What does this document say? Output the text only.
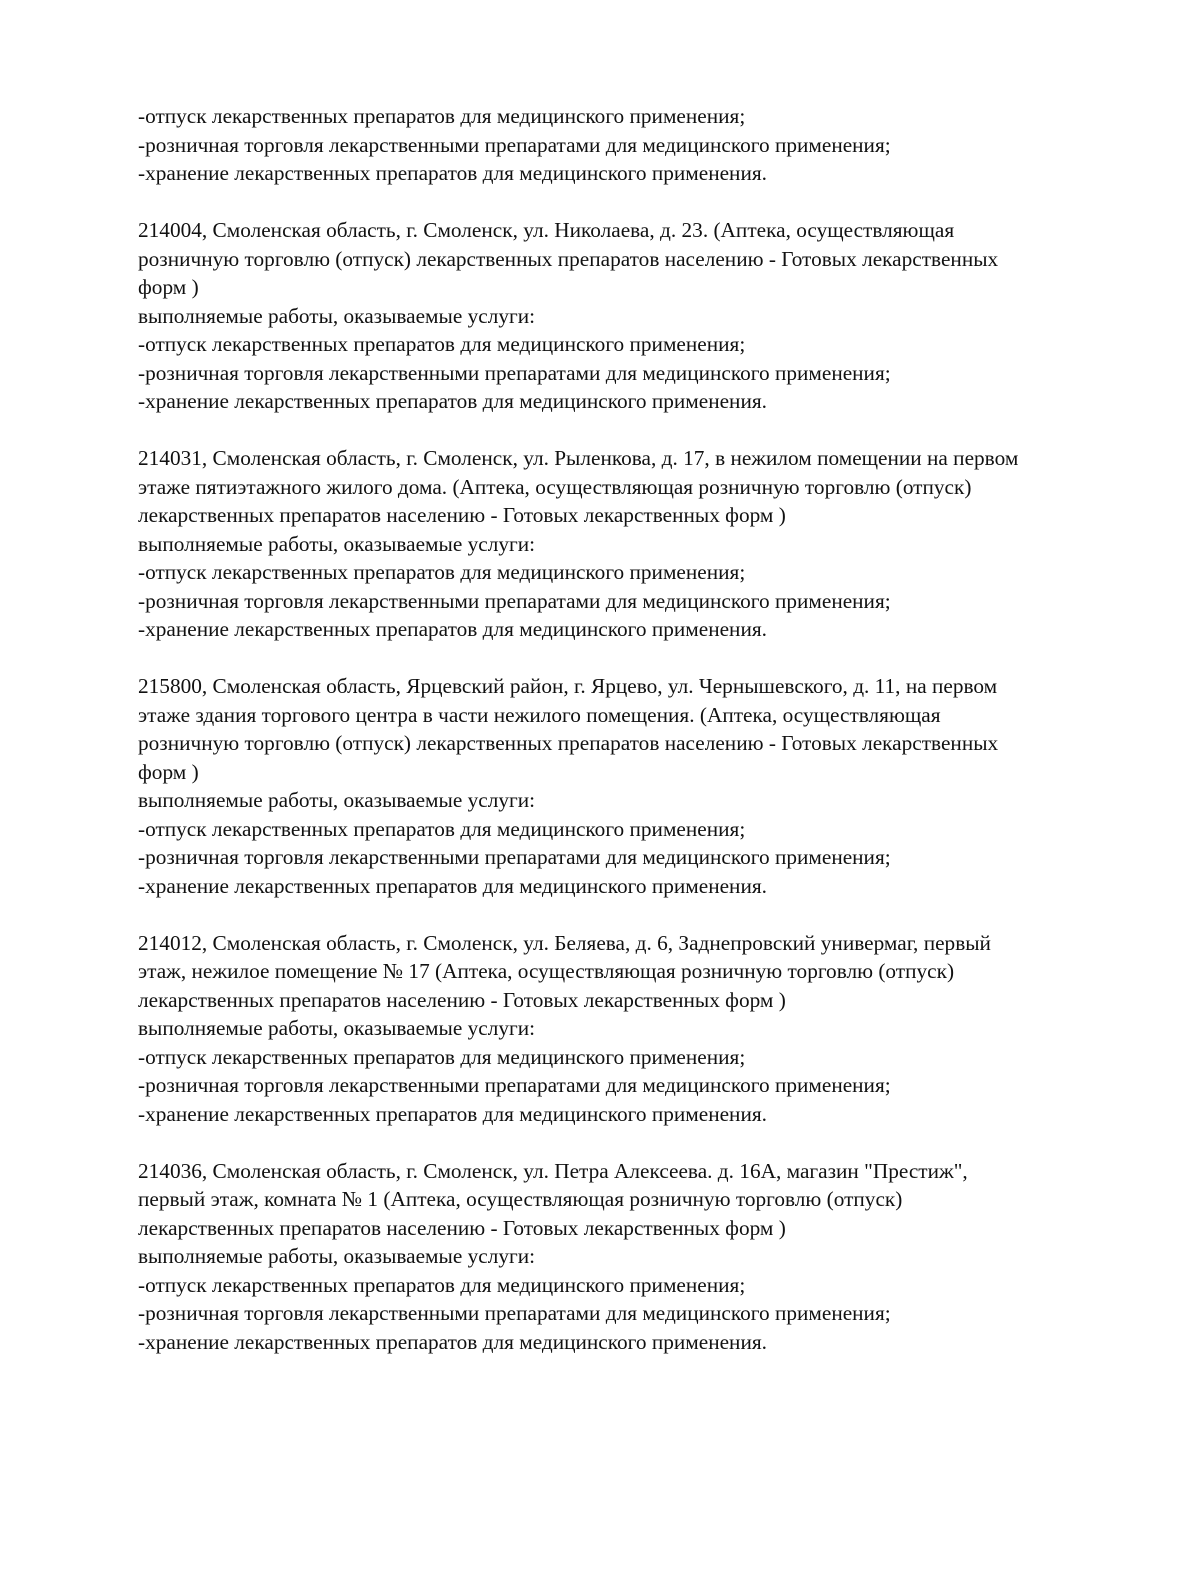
-отпуск лекарственных препаратов для медицинского применения;
-розничная торговля лекарственными препаратами для медицинского применения;
-хранение лекарственных препаратов для медицинского применения.
214004, Смоленская область, г. Смоленск, ул. Николаева, д. 23. (Аптека, осуществляющая
розничную торговлю (отпуск) лекарственных препаратов населению - Готовых лекарственных
форм )
выполняемые работы, оказываемые услуги:
-отпуск лекарственных препаратов для медицинского применения;
-розничная торговля лекарственными препаратами для медицинского применения;
-хранение лекарственных препаратов для медицинского применения.
214031, Смоленская область, г. Смоленск, ул. Рыленкова, д. 17, в нежилом помещении на первом
этаже пятиэтажного жилого дома. (Аптека, осуществляющая розничную торговлю (отпуск)
лекарственных препаратов населению - Готовых лекарственных форм )
выполняемые работы, оказываемые услуги:
-отпуск лекарственных препаратов для медицинского применения;
-розничная торговля лекарственными препаратами для медицинского применения;
-хранение лекарственных препаратов для медицинского применения.
215800, Смоленская область, Ярцевский район, г. Ярцево, ул. Чернышевского, д. 11, на первом
этаже здания торгового центра в части нежилого помещения. (Аптека, осуществляющая
розничную торговлю (отпуск) лекарственных препаратов населению - Готовых лекарственных
форм )
выполняемые работы, оказываемые услуги:
-отпуск лекарственных препаратов для медицинского применения;
-розничная торговля лекарственными препаратами для медицинского применения;
-хранение лекарственных препаратов для медицинского применения.
214012, Смоленская область, г. Смоленск, ул. Беляева, д. 6, Заднепровский универмаг, первый
этаж, нежилое помещение № 17 (Аптека, осуществляющая розничную торговлю (отпуск)
лекарственных препаратов населению - Готовых лекарственных форм )
выполняемые работы, оказываемые услуги:
-отпуск лекарственных препаратов для медицинского применения;
-розничная торговля лекарственными препаратами для медицинского применения;
-хранение лекарственных препаратов для медицинского применения.
214036, Смоленская область, г. Смоленск, ул. Петра Алексеева. д. 16А, магазин "Престиж",
первый этаж, комната № 1 (Аптека, осуществляющая розничную торговлю (отпуск)
лекарственных препаратов населению - Готовых лекарственных форм )
выполняемые работы, оказываемые услуги:
-отпуск лекарственных препаратов для медицинского применения;
-розничная торговля лекарственными препаратами для медицинского применения;
-хранение лекарственных препаратов для медицинского применения.
